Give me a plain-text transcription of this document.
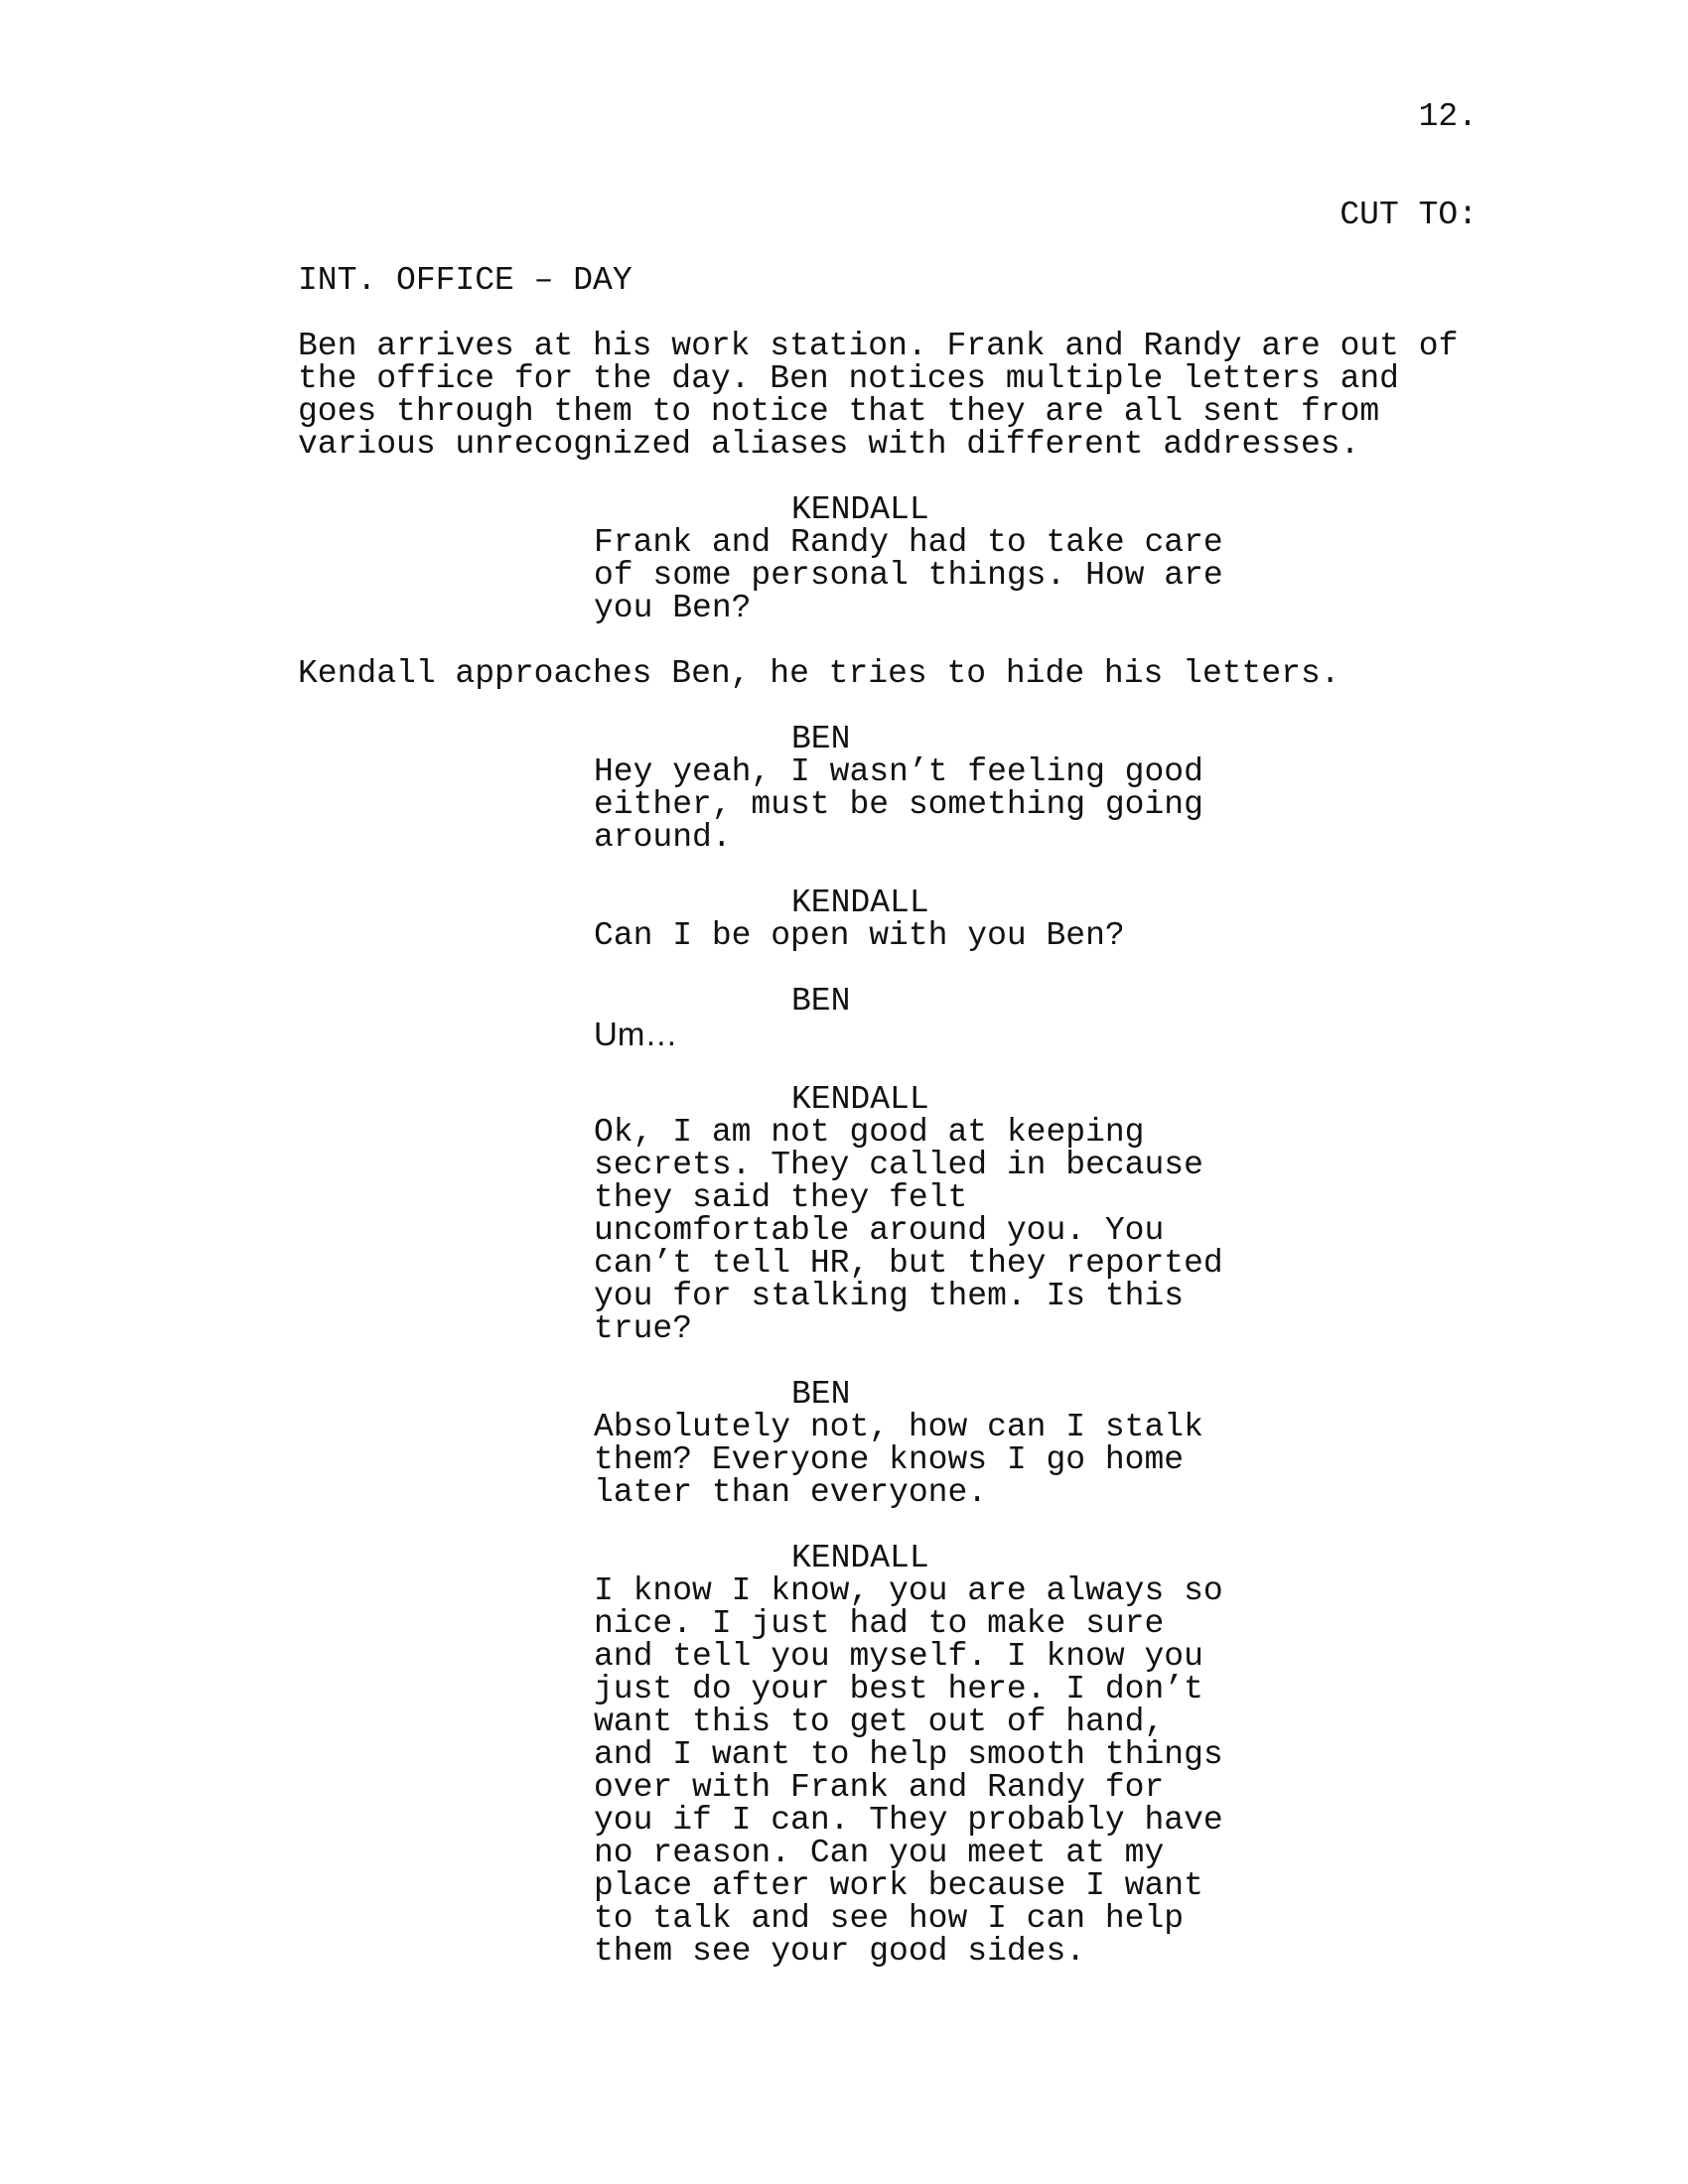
12.
CUT TO:
INT. OFFICE – DAY
Ben arrives at his work station. Frank and Randy are out of
the office for the day. Ben notices multiple letters and
goes through them to notice that they are all sent from
various unrecognized aliases with different addresses.
KENDALL
Frank and Randy had to take care
of some personal things. How are
you Ben?
Kendall approaches Ben, he tries to hide his letters.
BEN
Hey yeah, I wasn’t feeling good
either, must be something going
around.
KENDALL
Can I be open with you Ben?
BEN
Um…
KENDALL
Ok, I am not good at keeping
secrets. They called in because
they said they felt
uncomfortable around you. You
can’t tell HR, but they reported
you for stalking them. Is this
true?
BEN
Absolutely not, how can I stalk
them? Everyone knows I go home
later than everyone.
KENDALL
I know I know, you are always so
nice. I just had to make sure
and tell you myself. I know you
just do your best here. I don’t
want this to get out of hand,
and I want to help smooth things
over with Frank and Randy for
you if I can. They probably have
no reason. Can you meet at my
place after work because I want
to talk and see how I can help
them see your good sides.
